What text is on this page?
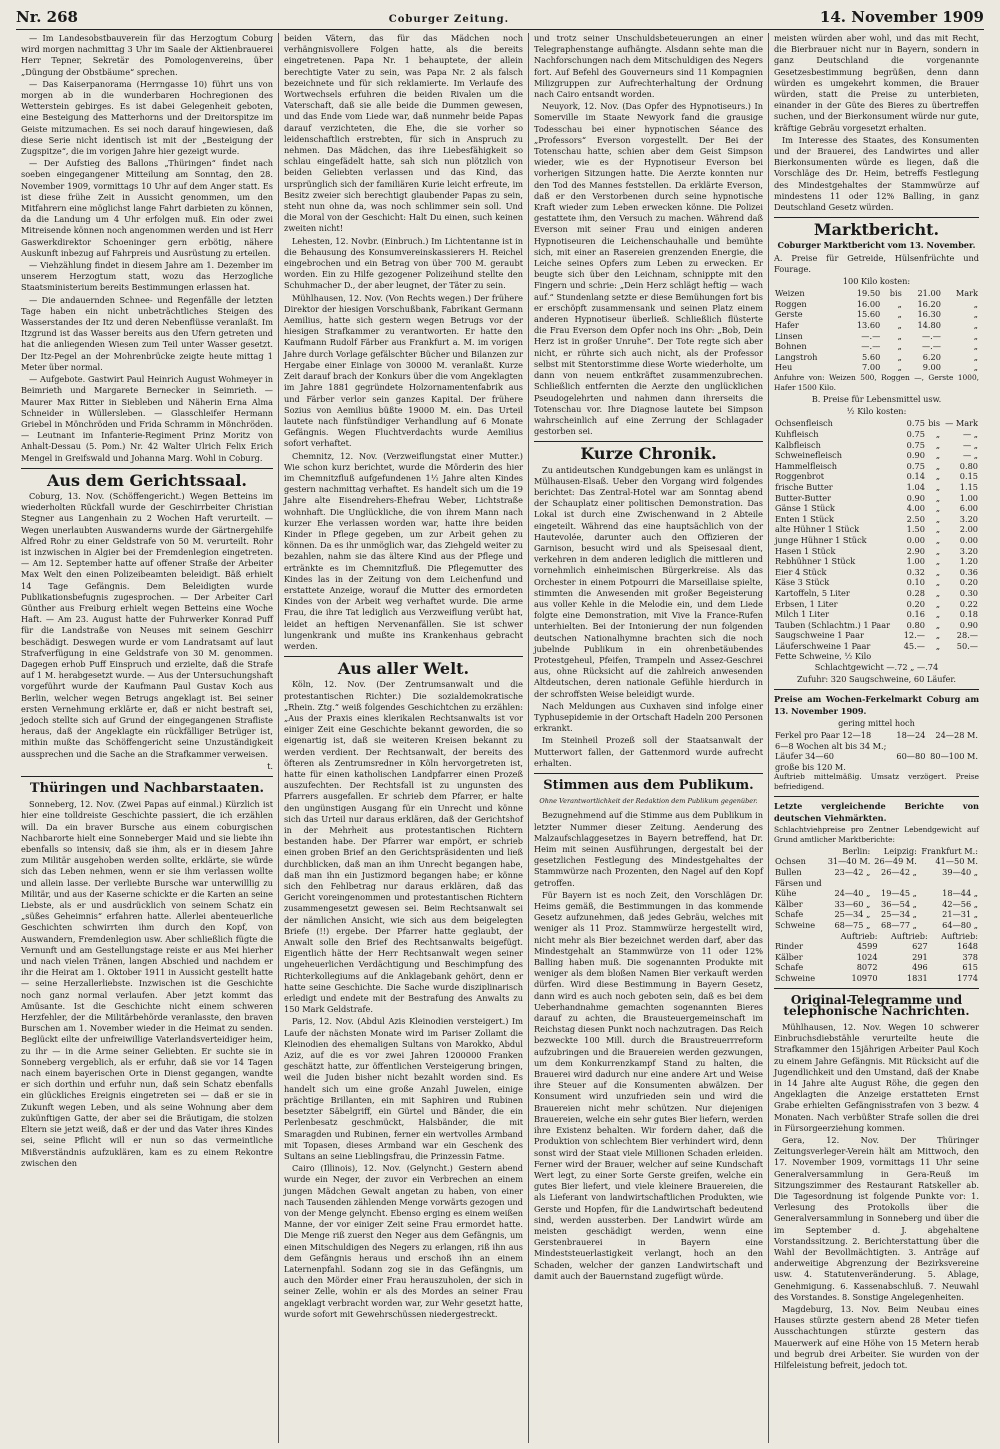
Nr. 268	Coburger Zeitung.	14. November 1909

— Im Landesobstbauverein für das Herzogtum Coburg wird morgen nachmittag 3 Uhr im Saale der Aktienbrauerei Herr Tepner, Sekretär des Pomologenvereins, über „Düngung der Obstbäume“ sprechen.

— Das Kaiserpanorama (Herrngasse 10) führt uns von morgen ab in die wunderbaren Hochregionen des Wetterstein gebirges. Es ist dabei Gelegenheit geboten, eine Besteigung des Matterhorns und der Dreitorspitze im Geiste mitzumachen. Es sei noch darauf hingewiesen, daß diese Serie nicht identisch ist mit der „Besteigung der Zugspitze“, die im vorigen Jahre hier gezeigt wurde.

— Der Aufstieg des Ballons „Thüringen“ findet nach soeben eingegangener Mitteilung am Sonntag, den 28. November 1909, vormittags 10 Uhr auf dem Anger statt. Es ist diese frühe Zeit in Aussicht genommen, um den Mitfahrern eine möglichst lange Fahrt darbieten zu können, da die Landung um 4 Uhr erfolgen muß. Ein oder zwei Mitreisende können noch angenommen werden und ist Herr Gaswerkdirektor Schoeninger gern erbötig, nähere Auskunft inbezug auf Fahrpreis und Ausrüstung zu erteilen.

— Viehzählung findet in diesem Jahre am 1. Dezember im unserem Herzogtum statt, wozu das Herzogliche Staatsministerium bereits Bestimmungen erlassen hat.

— Die andauernden Schnee- und Regenfälle der letzten Tage haben ein nicht unbeträchtliches Steigen des Wasserstandes der Itz und deren Nebenflüsse veranlaßt. Im Itzgrund ist das Wasser bereits aus den Ufern getreten und hat die anliegenden Wiesen zum Teil unter Wasser gesetzt. Der Itz-Pegel an der Mohrenbrücke zeigte heute mittag 1 Meter über normal.

— Aufgebote. Gastwirt Paul Heinrich August Wohmeyer in Beimrieth und Margarete Bernecker in Seimrieth. — Maurer Max Ritter in Siebleben und Näherin Erna Alma Schneider in Wüllersleben. — Glasschleifer Hermann Griebel in Mönchröden und Frida Schramm in Mönchröden. — Leutnant im Infanterie-Regiment Prinz Moritz von Anhalt-Dessau (5. Pom.) Nr. 42 Walter Ulrich Felix Erich Mengel in Greifswald und Johanna Marg. Wohl in Coburg.

Aus dem Gerichtssaal.

Coburg, 13. Nov. (Schöffengericht.) Wegen Betteins im wiederholten Rückfall wurde der Geschirrbeiter Christian Stegner aus Langenhain zu 2 Wochen Haft verurteilt. — Wegen unerlaubten Auswanderns wurde der Gärtnergehilfe Alfred Rohr zu einer Geldstrafe von 50 M. verurteilt. Rohr ist inzwischen in Algier bei der Fremdenlegion eingetreten. — Am 12. September hatte auf offener Straße der Arbeiter Max Welt den einen Polizeibeamten beleidigt. Bäß erhielt 14 Tage Gefängnis. Dem Beleidigten wurde Publikationsbefugnis zugesprochen. — Der Arbeiter Carl Günther aus Freiburg erhielt wegen Betteins eine Woche Haft. — Am 23. August hatte der Fuhrwerker Konrad Puff für die Landstraße von Neuses mit seinem Geschirr beschädigt. Deswegen wurde er vom Landratsamt auf laut Strafverfügung in eine Geldstrafe von 30 M. genommen. Dagegen erhob Puff Einspruch und erzielte, daß die Strafe auf 1 M. herabgesetzt wurde. — Aus der Untersuchungshaft vorgeführt wurde der Kaufmann Paul Gustav Koch aus Berlin, welcher wegen Betrugs angeklagt ist. Bei seiner ersten Vernehmung erklärte er, daß er nicht bestraft sei, jedoch stellte sich auf Grund der eingegangenen Strafliste heraus, daß der Angeklagte ein rückfälliger Betrüger ist, mithin mußte das Schöffengericht seine Unzuständigkeit aussprechen und die Sache an die Strafkammer verweisen.

t.

Thüringen und Nachbarstaaten.

Sonneberg, 12. Nov. (Zwei Papas auf einmal.) Kürzlich ist hier eine tolldreiste Geschichte passiert, die ich erzählen will. Da ein braver Bursche aus einem coburgischen Nachbarorte hielt eine Sonneberger Maid und sie liebte ihn ebenfalls so intensiv, daß sie ihm, als er in diesem Jahre zum Militär ausgehoben werden sollte, erklärte, sie würde sich das Leben nehmen, wenn er sie ihm verlassen wollte und allein lasse. Der verliebte Bursche war unterwilllig zu Militär, und aus der Kaserne schickte er die Karten an seine Liebste, als er und ausdrücklich von seinem Schatz ein „süßes Geheimnis“ erfahren hatte. Allerlei abenteuerliche Geschichten schwirrten ihm durch den Kopf, von Auswandern, Fremdenlegion usw. Aber schließlich fügte die Vernunft und am Gestellungstage reiste er aus Mei hierher und nach vielen Tränen, langen Abschied und nachdem er ihr die Heirat am 1. Oktober 1911 in Aussicht gestellt hatte — seine Herzallerliebste. Inzwischen ist die Geschichte noch ganz normal verlaufen. Aber jetzt kommt das Amüsante. Ist die Geschichte nicht einem schweren Herzfehler, der die Militärbehörde veranlasste, den braven Burschen am 1. November wieder in die Heimat zu senden. Beglückt eilte der unfreiwillige Vaterlandsverteidiger heim, zu ihr — in die Arme seiner Geliebten. Er suchte sie in Sonneberg vergeblich, als er erfuhr, daß sie vor 14 Tagen nach einem bayerischen Orte in Dienst gegangen, wandte er sich dorthin und erfuhr nun, daß sein Schatz ebenfalls ein glückliches Ereignis eingetreten sei — daß er sie in Zukunft wegen Leben, und als seine Wohnung aber dem zukünftigen Gatte, der aber sei die Bräutigam, die stolzen Eltern sie jetzt weiß, daß er der und das Vater ihres Kindes sei, seine Pflicht will er nun so das vermeintliche Mißverständnis aufzuklären, kam es zu einem Rekontre zwischen den

beiden Vätern, das für das Mädchen noch verhängnisvollere Folgen hatte, als die bereits eingetretenen. Papa Nr. 1 behauptete, der allein berechtigte Vater zu sein, was Papa Nr. 2 als falsch bezeichnete und für sich reklamierte. Im Verlaufe des Wortwechsels erfuhren die beiden Rivalen um die Vaterschaft, daß sie alle beide die Dummen gewesen, und das Ende vom Liede war, daß nunmehr beide Papas darauf verzichteten, die Ehe, die sie vorher so leidenschaftlich erstrebten, für sich in Anspruch zu nehmen. Das Mädchen, das ihre Liebesfähigkeit so schlau eingefädelt hatte, sah sich nun plötzlich von beiden Geliebten verlassen und das Kind, das ursprünglich sich der familiären Kurie leicht erfreute, im Besitz zweier sich berechtigt glaubender Papas zu sein, steht nun ohne da, was noch schlimmer sein soll. Und die Moral von der Geschicht: Halt Du einen, such keinen zweiten nicht!

Lehesten, 12. Novbr. (Einbruch.) Im Lichtentanne ist in die Behausung des Konsumvereinskassierers H. Reichel eingebrochen und ein Betrag von über 700 M. geraubt worden. Ein zu Hilfe gezogener Polizeihund stellte den Schuhmacher D., der aber leugnet, der Täter zu sein.

Mühlhausen, 12. Nov. (Von Rechts wegen.) Der frühere Direktor der hiesigen Vorschußbank, Fabrikant Germann Aemilius, hatte sich gestern wegen Betrugs vor der hiesigen Strafkammer zu verantworten. Er hatte den Kaufmann Rudolf Färber aus Frankfurt a. M. im vorigen Jahre durch Vorlage gefälschter Bücher und Bilanzen zur Hergabe einer Einlage von 30000 M. veranlaßt. Kurze Zeit darauf brach der Konkurs über die vom Angeklagten im Jahre 1881 gegründete Holzornamentenfabrik aus und Färber verlor sein ganzes Kapital. Der frühere Sozius von Aemilius büßte 19000 M. ein. Das Urteil lautete nach fünfstündiger Verhandlung auf 6 Monate Gefängnis. Wegen Fluchtverdachts wurde Aemilius sofort verhaftet.

Chemnitz, 12. Nov. (Verzweiflungstat einer Mutter.) Wie schon kurz berichtet, wurde die Mörderin des hier im Chemnitzfluß aufgefundenen 1½ Jahre alten Kindes gestern nachmittag verhaftet. Es handelt sich um die 19 Jahre alte Eisendrehers-Ehefrau Weber, Lichtstraße wohnhaft. Die Unglückliche, die von ihrem Mann nach kurzer Ehe verlassen worden war, hatte ihre beiden Kinder in Pflege gegeben, um zur Arbeit gehen zu können. Da es ihr unmöglich war, das Ziehgeld weiter zu bezahlen, nahm sie das ältere Kind aus der Pflege und ertränkte es im Chemnitzfluß. Die Pflegemutter des Kindes las in der Zeitung von dem Leichenfund und erstattete Anzeige, worauf die Mutter des ermordeten Kindes von der Arbeit weg verhaftet wurde. Die arme Frau, die ihre Tat lediglich aus Verzweiflung verübt hat, leidet an heftigen Nervenanfällen. Sie ist schwer lungenkrank und mußte ins Krankenhaus gebracht werden.

Aus aller Welt.

Köln, 12. Nov. (Der Zentrumsanwalt und die protestantischen Richter.) Die sozialdemokratische „Rhein. Ztg.“ weiß folgendes Geschichtchen zu erzählen: „Aus der Praxis eines klerikalen Rechtsanwalts ist vor einiger Zeit eine Geschichte bekannt geworden, die so eigenartig ist, daß sie weiteren Kreisen bekannt zu werden verdient. Der Rechtsanwalt, der bereits des öfteren als Zentrumsredner in Köln hervorgetreten ist, hatte für einen katholischen Landpfarrer einen Prozeß auszufechten. Der Rechtsfall ist zu ungunsten des Pfarrers ausgefallen. Er schrieb dem Pfarrer, er halte den ungünstigen Ausgang für ein Unrecht und könne sich das Urteil nur daraus erklären, daß der Gerichtshof in der Mehrheit aus protestantischen Richtern bestanden habe. Der Pfarrer war empört, er schrieb einen groben Brief an den Gerichtspräsidenten und ließ durchblicken, daß man an ihm Unrecht begangen habe, daß man ihn ein Justizmord begangen habe; er könne sich den Fehlbetrag nur daraus erklären, daß das Gericht voreingenommen und protestantischen Richtern zusammengesetzt gewesen sei. Beim Rechtsanwalt sei der nämlichen Ansicht, wie sich aus dem beigelegten Briefe (!!) ergebe. Der Pfarrer hatte geglaubt, der Anwalt solle den Brief des Rechtsanwalts beigefügt. Eigentlich hätte der Herr Rechtsanwalt wegen seiner ungeheuerlichen Verdächtigung und Beschimpfung des Richterkollegiums auf die Anklagebank gehört, denn er hatte seine Geschichte. Die Sache wurde disziplinarisch erledigt und endete mit der Bestrafung des Anwalts zu 150 Mark Geldstrafe.

Paris, 12. Nov. (Abdul Azis Kleinodien versteigert.) Im Laufe der nächsten Monate wird im Pariser Zollamt die Kleinodien des ehemaligen Sultans von Marokko, Abdul Aziz, auf die es vor zwei Jahren 1200000 Franken geschätzt hatte, zur öffentlichen Versteigerung bringen, weil die Juden bisher nicht bezahlt worden sind. Es handelt sich um eine große Anzahl Juwelen, einige prächtige Brillanten, ein mit Saphiren und Rubinen besetzter Säbelgriff, ein Gürtel und Bänder, die ein Perlenbesatz geschmückt, Halsbänder, die mit Smaragden und Rubinen, ferner ein wertvolles Armband mit Topasen, dieses Armband war ein Geschenk des Sultans an seine Lieblingsfrau, die Prinzessin Fatme.

Cairo (Illinois), 12. Nov. (Gelyncht.) Gestern abend wurde ein Neger, der zuvor ein Verbrechen an einem jungen Mädchen Gewalt angetan zu haben, von einer nach Tausenden zählenden Menge vorwärts gezogen und von der Menge gelyncht. Ebenso erging es einem weißen Manne, der vor einiger Zeit seine Frau ermordet hatte. Die Menge riß zuerst den Neger aus dem Gefängnis, um einen Mitschuldigen des Negers zu erlangen, riß ihn aus dem Gefängnis heraus und erschoß ihn an einem Laternenpfahl. Sodann zog sie in das Gefängnis, um auch den Mörder einer Frau herauszuholen, der sich in seiner Zelle, wohin er als des Mordes an seiner Frau angeklagt verbracht worden war, zur Wehr gesetzt hatte, wurde sofort mit Gewehrschüssen niedergestreckt.

und trotz seiner Unschuldsbeteuerungen an einer Telegraphenstange aufhängte. Alsdann sehte man die Nachforschungen nach dem Mitschuldigen des Negers fort. Auf Befehl des Gouverneurs sind 11 Kompagnien Milizgruppen zur Aufrechterhaltung der Ordnung nach Cairo entsandt worden.

Neuyork, 12. Nov. (Das Opfer des Hypnotiseurs.) In Somerville im Staate Newyork fand die grausige Todesschau bei einer hypnotischen Séance des „Professors“ Everson vorgestellt. Der Bei der Totenschau hatte, schien aber dem Geist Simpson wieder, wie es der Hypnotiseur Everson bei vorherigen Sitzungen hatte. Die Aerzte konnten nur den Tod des Mannes feststellen. Da erklärte Everson, daß er den Verstorbenen durch seine hypnotische Kraft wieder zum Leben erwecken könne. Die Polizei gestattete ihm, den Versuch zu machen. Während daß Everson mit seiner Frau und einigen anderen Hypnotiseuren die Leichenschauhalle und bemühte sich, mit einer an Rasereien grenzenden Energie, die Leiche seines Opfers zum Leben zu erwecken. Er beugte sich über den Leichnam, schnippte mit den Fingern und schrie: „Dein Herz schlägt heftig — wach auf.“ Stundenlang setzte er diese Bemühungen fort bis er erschöpft zusammensank und seinen Platz einem anderen Hypnotiseur überließ. Schließlich flüsterte die Frau Everson dem Opfer noch ins Ohr: „Bob, Dein Herz ist in großer Unruhe“. Der Tote regte sich aber nicht, er rührte sich auch nicht, als der Professor selbst mit Stentorstimme diese Worte wiederholte, um dann von neuem entkräftet zusammenzubrechen. Schließlich entfernten die Aerzte den unglücklichen Pseudogelehrten und nahmen dann ihrerseits die Totenschau vor. Ihre Diagnose lautete bei Simpson wahrscheinlich auf eine Zerrung der Schlagader gestorben sei.

Kurze Chronik.

Zu antideutschen Kundgebungen kam es unlängst in Mülhausen-Elsaß. Ueber den Vorgang wird folgendes berichtet: Das Zentral-Hotel war am Sonntag abend der Schauplatz einer politischen Demonstration. Das Lokal ist durch eine Zwischenwand in 2 Abteile eingeteilt. Während das eine hauptsächlich von der Hautevolée, darunter auch den Offizieren der Garnison, besucht wird und als Speisesaal dient, verkehren in dem anderen lediglich die mittleren und vornehmlich einheimischen Bürgerkreise. Als das Orchester in einem Potpourri die Marseillaise spielte, stimmten die Anwesenden mit großer Begeisterung aus voller Kehle in die Melodie ein, und dem Liede folgte eine Demonstration, mit Vive la France-Rufen unterhielten. Bei der Intonierung der nun folgenden deutschen Nationalhymne brachten sich die noch jubelnde Publikum in ein ohrenbetäubendes Protestgeheul, Pfeifen, Trampeln und Assez-Geschrei aus, ohne Rücksicht auf die zahlreich anwesenden Altdeutschen, deren nationale Gefühle hierdurch in der schroffsten Weise beleidigt wurde.

Nach Meldungen aus Cuxhaven sind infolge einer Typhusepidemie in der Ortschaft Hadeln 200 Personen erkrankt.

Im Steinheil Prozeß soll der Staatsanwalt der Mutterwort fallen, der Gattenmord wurde aufrecht erhalten.

Stimmen aus dem Publikum.
Ohne Verantwortlichkeit der Redaktion dem Publikum gegenüber.

Bezugnehmend auf die Stimme aus dem Publikum in letzter Nummer dieser Zeitung. Aenderung des Malzaufschlaggesetzes in Bayern betreffend, hat Dr. Heim mit seinen Ausführungen, dergestalt bei der gesetzlichen Festlegung des Mindestgehaltes der Stammwürze nach Prozenten, den Nagel auf den Kopf getroffen.

Für Bayern ist es noch Zeit, den Vorschlägen Dr. Heims gemäß, die Bestimmungen in das kommende Gesetz aufzunehmen, daß jedes Gebräu, welches mit weniger als 11 Proz. Stammwürze hergestellt wird, nicht mehr als Bier bezeichnet werden darf, aber das Mindestgehalt an Stammwürze von 11 oder 12% Balling haben muß. Die sogenannten Produkte mit weniger als dem bloßen Namen Bier verkauft werden dürfen. Wird diese Bestimmung in Bayern Gesetz, dann wird es auch noch geboten sein, daß es bei dem Ueberhandnahme gemachten sogenannten Bieres darauf zu achten, die Brausteuergemeinschaft im Reichstag diesen Punkt noch nachzutragen. Das Reich bezweckte 100 Mill. durch die Braustreuerrreform aufzubringen und die Brauereien werden gezwungen, um dem Konkurrenzkampf Stand zu halten, die Brauerei wird dadurch nur eine andere Art und Weise ihre Steuer auf die Konsumenten abwälzen. Der Konsument wird unzufrieden sein und wird die Brauereien nicht mehr schützen. Nur diejenigen Brauereien, welche ein sehr gutes Bier liefern, werden ihre Existenz behalten. Wir fordern daher, daß die Produktion von schlechtem Bier verhindert wird, denn sonst wird der Staat viele Millionen Schaden erleiden. Ferner wird der Brauer, welcher auf seine Kundschaft Wert legt, zu einer Sorte Gerste greifen, welche ein gutes Bier liefert, und viele kleinere Brauereien, die als Lieferant von landwirtschaftlichen Produkten, wie Gerste und Hopfen, für die Landwirtschaft bedeutend sind, werden aussterben. Der Landwirt würde am meisten geschädigt werden, wenn eine Gerstenbrauerei in Bayern eine Mindeststeuerlastigkeit verlangt, hoch an den Schaden, welcher der ganzen Landwirtschaft und damit auch der Bauernstand zugefügt würde.

meisten würden aber wohl, und das mit Recht, die Bierbrauer nicht nur in Bayern, sondern in ganz Deutschland die vorgenannte Gesetzesbestimmung begrüßen, denn dann würden es umgekehrt kommen, die Brauer würden, statt die Preise zu unterbieten, einander in der Güte des Bieres zu übertreffen suchen, und der Bierkonsument würde nur gute, kräftige Gebräu vorgesetzt erhalten.

Im Interesse des Staates, des Konsumenten und der Brauerei, des Landwirtes und aller Bierkonsumenten würde es liegen, daß die Vorschläge des Dr. Heim, betreffs Festlegung des Mindestgehaltes der Stammwürze auf mindestens 11 oder 12% Balling, in ganz Deutschland Gesetz würden.

Marktbericht.

Coburger Marktbericht vom 13. November.

A. Preise für Getreide, Hülsenfrüchte und Fourage.

100 Kilo kosten:

Weizen	19.50	bis	21.00	Mark
Roggen	16.00	„	16.20	„
Gerste	15.60	„	16.30	„
Hafer	13.60	„	14.80	„
Linsen	—.—	„	—.—	„
Bohnen	—.—	„	—.—	„
Langstroh	5.60	„	6.20	„
Heu	7.00	„	9.00	„

Anfuhre von: Weizen 500, Roggen —, Gerste 1000, Hafer 1500 Kilo.

B. Preise für Lebensmittel usw.

½ Kilo kosten:

Ochsenfleisch	0.75	bis	— Mark
Kuhfleisch	0.75	„	— „
Kalbfleisch	0.75	„	— „
Schweinefleisch	0.90	„	— „
Hammelfleisch	0.75	„	0.80
Roggenbrot	0.14	„	0.15
frische Butter	1.04	„	1.15
Butter-Butter	0.90	„	1.00
Gänse 1 Stück	4.00	„	6.00
Enten 1 Stück	2.50	„	3.20
alte Hühner 1 Stück	1.50	„	2.00
junge Hühner 1 Stück	0.00	„	0.00
Hasen 1 Stück	2.90	„	3.20
Rebhühner 1 Stück	1.00	„	1.20
Eier 4 Stück	0.32	„	0.36
Käse 3 Stück	0.10	„	0.20
Kartoffeln, 5 Liter	0.28	„	0.30
Erbsen, 1 Liter	0.20	„	0.22
Milch 1 Liter	0.16	„	0.18
Tauben (Schlachtm.) 1 Paar	0.80	„	0.90
Saugschweine 1 Paar	12.—	„	28.—
Läuferschweine 1 Paar	45.—	„	50.—
Fette Schweine, ½ Kilo			

Schlachtgewicht —.72 „ —.74

Zufuhr: 320 Saugschweine, 60 Läufer.

Preise am Wochen-Ferkelmarkt Coburg am 13. November 1909.

gering mittel hoch

Ferkel pro Paar 12—18	18—24	24—28 M.
6—8 Wochen alt bis 34 M.;		
Läufer 34—60	60—80	80—100 M.
große bis 120 M.		

Auftrieb mittelmäßig. Umsatz verzögert. Preise befriedigend.

Letzte vergleichende Berichte von deutschen Viehmärkten.

Schlachtviehpreise pro Zentner Lebendgewicht auf Grund amtlicher Marktberichte:

	Berlin:	Leipzig:	Frankfurt M.:
Ochsen	31—40 M.	26—49 M.	41—50 M.
Bullen	23—42 „	26—42 „	39—40 „
Färsen und			
Kühe	24—40 „	19—45 „	18—44 „
Kälber	33—60 „	36—54 „	42—56 „
Schafe	25—34 „	25—34 „	21—31 „
Schweine	68—75 „	68—77 „	64—80 „
	Auftrieb:	Auftrieb:	Auftrieb:
Rinder	4599	627	1648
Kälber	1024	291	378
Schafe	8072	496	615
Schweine	10970	1831	1774
Original-Telegramme und telephonische Nachrichten.

Mühlhausen, 12. Nov. Wegen 10 schwerer Einbruchsdiebstähle verurteilte heute die Strafkammer den 15jährigen Arbeiter Paul Koch zu einem Jahre Gefängnis. Mit Rücksicht auf die Jugendlichkeit und den Umstand, daß der Knabe in 14 Jahre alte August Röhe, die gegen den Angeklagten die Anzeige erstatteten Ernst Grabe erhielten Gefängnisstrafen von 3 bezw. 4 Monaten. Nach verbüßter Strafe sollen die drei in Fürsorgeerziehung kommen.

Gera, 12. Nov. Der Thüringer Zeitungsverleger-Verein hält am Mittwoch, den 17. November 1909, vormittags 11 Uhr seine Generalversammlung in Gera-Reuß im Sitzungszimmer des Restaurant Ratskeller ab. Die Tagesordnung ist folgende Punkte vor: 1. Verlesung des Protokolls über die Generalversammlung in Sonneberg und über die im September d. J. abgehaltene Vorstandssitzung. 2. Berichterstattung über die Wahl der Bevollmächtigten. 3. Anträge auf anderweitige Abgrenzung der Bezirksvereine usw. 4. Statutenveränderung. 5. Ablage, Genehmigung. 6. Kassenabschluß. 7. Neuwahl des Vorstandes. 8. Sonstige Angelegenheiten.

Magdeburg, 13. Nov. Beim Neubau eines Hauses stürzte gestern abend 28 Meter tiefen Ausschachtungen stürzte gestern das Mauerwerk auf eine Höhe von 15 Metern herab und begrub drei Arbeiter. Sie wurden von der Hilfeleistung befreit, jedoch tot.
